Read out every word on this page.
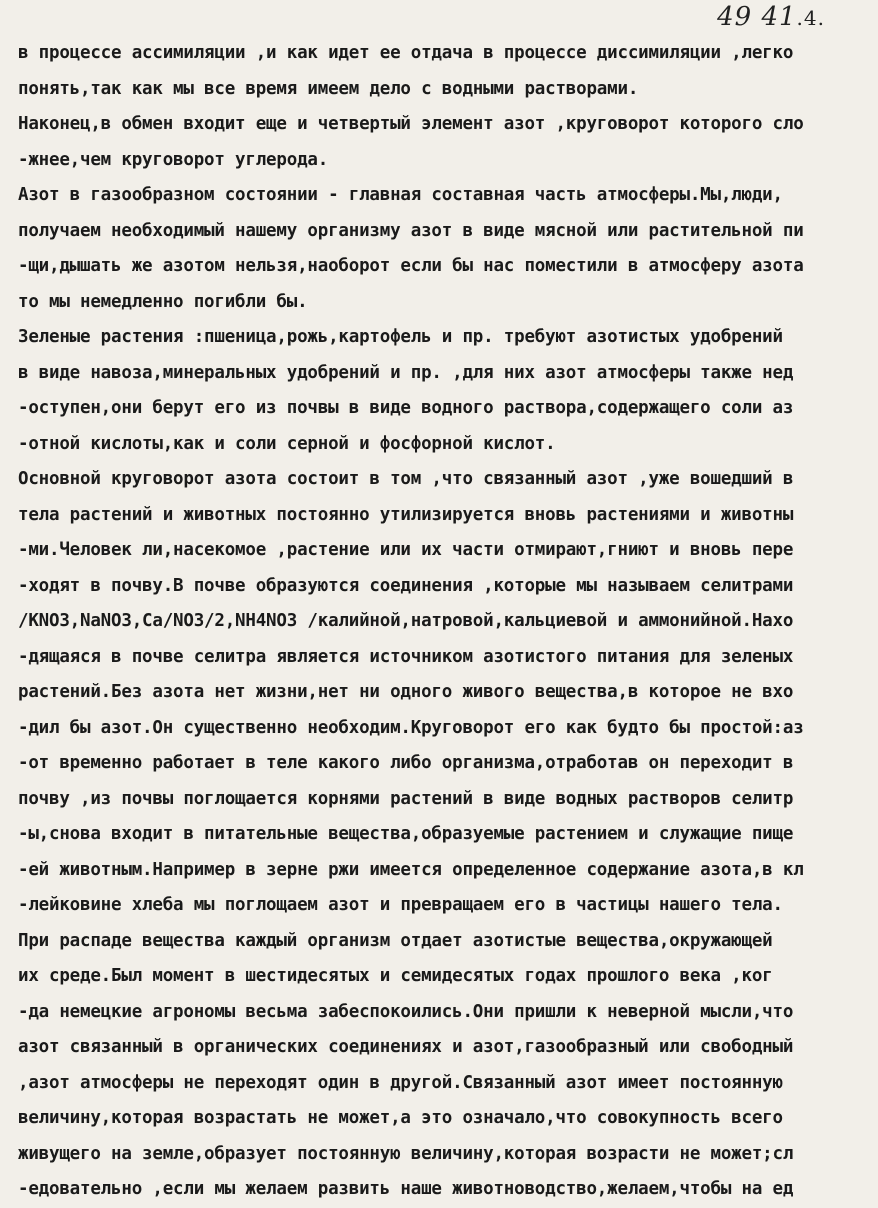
49 41.4.
в процессе ассимиляции ,и как идет ее отдача в процессе диссимиляции ,легко
понять,так как мы все время имеем дело с водными растворами.
Наконец,в обмен входит еще и четвертый элемент азот ,круговорот которого сло
-жнее,чем круговорот углерода.
Азот в газообразном состоянии - главная составная часть атмосферы.Мы,люди,
получаем необходимый нашему организму азот в виде мясной или растительной пи
-щи,дышать же азотом нельзя,наоборот если бы нас поместили в атмосферу азота
то мы немедленно погибли бы.
Зеленые растения :пшеница,рожь,картофель и пр. требуют азотистых удобрений
в виде навоза,минеральных удобрений и пр. ,для них азот атмосферы также нед
-оступен,они берут его из почвы в виде водного раствора,содержащего соли аз
-отной кислоты,как и соли серной и фосфорной кислот.
Основной круговорот азота состоит в том ,что связанный азот ,уже вошедший в
тела растений и животных постоянно утилизируется вновь растениями и животны
-ми.Человек ли,насекомое ,растение или их части отмирают,гниют и вновь пере
-ходят в почву.В почве образуются соединения ,которые мы называем селитрами
/KNO3,NaNO3,Ca/NO3/2,NH4NO3 /калийной,натровой,кальциевой и аммонийной.Нахо
-дящаяся в почве селитра является источником азотистого питания для зеленых
растений.Без азота нет жизни,нет ни одного живого вещества,в которое не вхо
-дил бы азот.Он существенно необходим.Круговорот его как будто бы простой:аз
-от временно работает в теле какого либо организма,отработав он переходит в
почву ,из почвы поглощается корнями растений в виде водных растворов селитр
-ы,снова входит в питательные вещества,образуемые растением и служащие пище
-ей животным.Например в зерне ржи имеется определенное содержание азота,в кл
-лейковине хлеба мы поглощаем азот и превращаем его в частицы нашего тела.
При распаде вещества каждый организм отдает азотистые вещества,окружающей
их среде.Был момент в шестидесятых и семидесятых годах прошлого века ,ког
-да немецкие агрономы весьма забеспокоились.Они пришли к неверной мысли,что
азот связанный в органических соединениях и азот,газообразный или свободный
,азот атмосферы не переходят один в другой.Связанный азот имеет постоянную
величину,которая возрастать не может,а это означало,что совокупность всего
живущего на земле,образует постоянную величину,которая возрасти не может;сл
-едовательно ,если мы желаем развить наше животноводство,желаем,чтобы на ед
